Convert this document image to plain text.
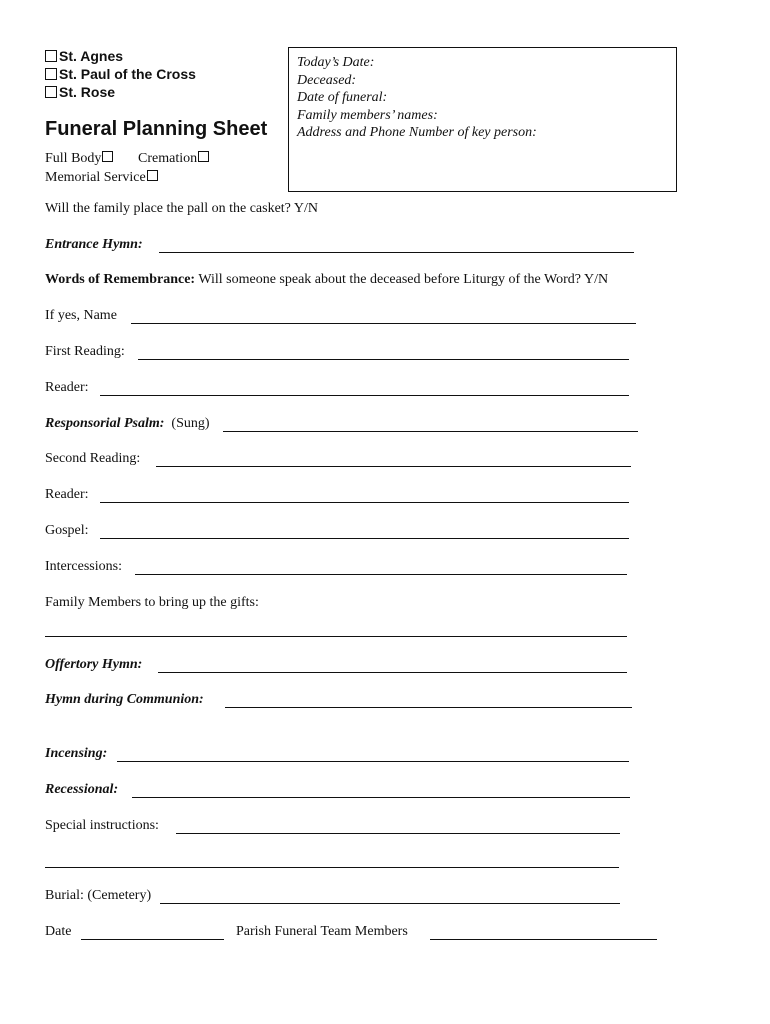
St. Agnes
St. Paul of the Cross
St. Rose
Funeral Planning Sheet
Full Body	Cremation
Memorial Service
Today’s Date:
Deceased:
Date of funeral:
Family members’ names:
Address and Phone Number of key person:
Will the family place the pall on the casket? Y/N
Entrance Hymn:
Words of Remembrance: Will someone speak about the deceased before Liturgy of the Word? Y/N
If yes, Name
First Reading:
Reader:
Responsorial Psalm: (Sung)
Second Reading:
Reader:
Gospel:
Intercessions:
Family Members to bring up the gifts:
Offertory Hymn:
Hymn during Communion:
Incensing:
Recessional:
Special instructions:
Burial: (Cemetery)
Date	Parish Funeral Team Members
